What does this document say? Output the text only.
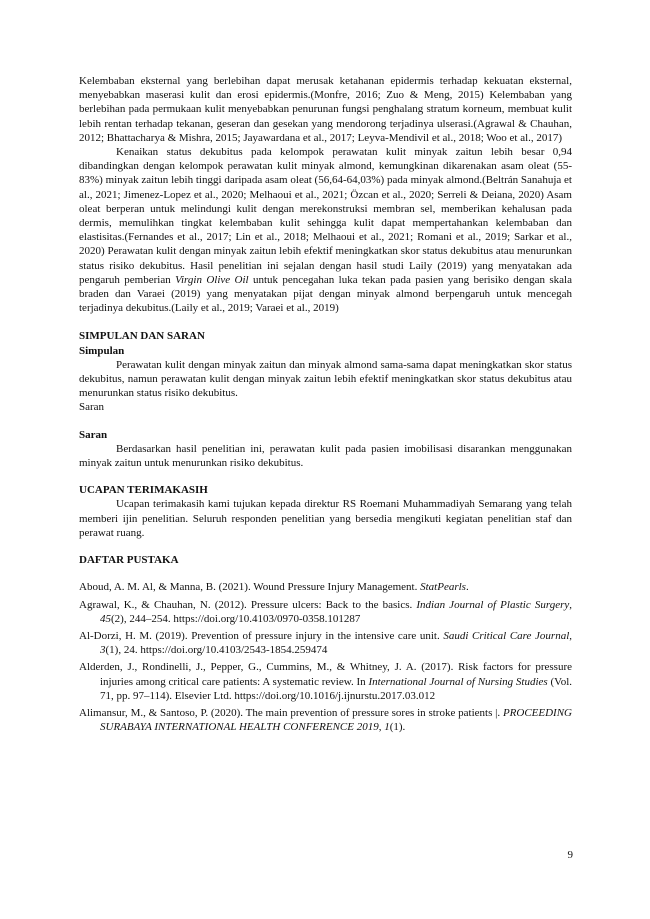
Kelembaban eksternal yang berlebihan dapat merusak ketahanan epidermis terhadap kekuatan eksternal, menyebabkan maserasi kulit dan erosi epidermis.(Monfre, 2016; Zuo & Meng, 2015) Kelembaban yang berlebihan pada permukaan kulit menyebabkan penurunan fungsi penghalang stratum korneum, membuat kulit lebih rentan terhadap tekanan, geseran dan gesekan yang mendorong terjadinya ulserasi.(Agrawal & Chauhan, 2012; Bhattacharya & Mishra, 2015; Jayawardana et al., 2017; Leyva-Mendivil et al., 2018; Woo et al., 2017)

Kenaikan status dekubitus pada kelompok perawatan kulit minyak zaitun lebih besar 0,94 dibandingkan dengan kelompok perawatan kulit minyak almond, kemungkinan dikarenakan asam oleat (55-83%) minyak zaitun lebih tinggi daripada asam oleat (56,64-64,03%) pada minyak almond.(Beltrán Sanahuja et al., 2021; Jimenez-Lopez et al., 2020; Melhaoui et al., 2021; Özcan et al., 2020; Serreli & Deiana, 2020) Asam oleat berperan untuk melindungi kulit dengan merekonstruksi membran sel, memberikan kehalusan pada dermis, memulihkan tingkat kelembaban kulit sehingga kulit dapat mempertahankan kelembaban dan elastisitas.(Fernandes et al., 2017; Lin et al., 2018; Melhaoui et al., 2021; Romani et al., 2019; Sarkar et al., 2020) Perawatan kulit dengan minyak zaitun lebih efektif meningkatkan skor status dekubitus atau menurunkan status risiko dekubitus. Hasil penelitian ini sejalan dengan hasil studi Laily (2019) yang menyatakan ada pengaruh pemberian Virgin Olive Oil untuk pencegahan luka tekan pada pasien yang berisiko dengan skala braden dan Varaei (2019) yang menyatakan pijat dengan minyak almond berpengaruh untuk mencegah terjadinya dekubitus.(Laily et al., 2019; Varaei et al., 2019)

SIMPULAN DAN SARAN
Simpulan

Perawatan kulit dengan minyak zaitun dan minyak almond sama-sama dapat meningkatkan skor status dekubitus, namun perawatan kulit dengan minyak zaitun lebih efektif meningkatkan skor status dekubitus atau menurunkan status risiko dekubitus.

Saran

Saran

Berdasarkan hasil penelitian ini, perawatan kulit pada pasien imobilisasi disarankan menggunakan minyak zaitun untuk menurunkan risiko dekubitus.

UCAPAN TERIMAKASIH

Ucapan terimakasih kami tujukan kepada direktur RS Roemani Muhammadiyah Semarang yang telah memberi ijin penelitian. Seluruh responden penelitian yang bersedia mengikuti kegiatan penelitian staf dan perawat ruang.

DAFTAR PUSTAKA

Aboud, A. M. Al, & Manna, B. (2021). Wound Pressure Injury Management. StatPearls.

Agrawal, K., & Chauhan, N. (2012). Pressure ulcers: Back to the basics. Indian Journal of Plastic Surgery, 45(2), 244–254. https://doi.org/10.4103/0970-0358.101287

Al-Dorzi, H. M. (2019). Prevention of pressure injury in the intensive care unit. Saudi Critical Care Journal, 3(1), 24. https://doi.org/10.4103/2543-1854.259474

Alderden, J., Rondinelli, J., Pepper, G., Cummins, M., & Whitney, J. A. (2017). Risk factors for pressure injuries among critical care patients: A systematic review. In International Journal of Nursing Studies (Vol. 71, pp. 97–114). Elsevier Ltd. https://doi.org/10.1016/j.ijnurstu.2017.03.012

Alimansur, M., & Santoso, P. (2020). The main prevention of pressure sores in stroke patients |. PROCEEDING SURABAYA INTERNATIONAL HEALTH CONFERENCE 2019, 1(1).

9
